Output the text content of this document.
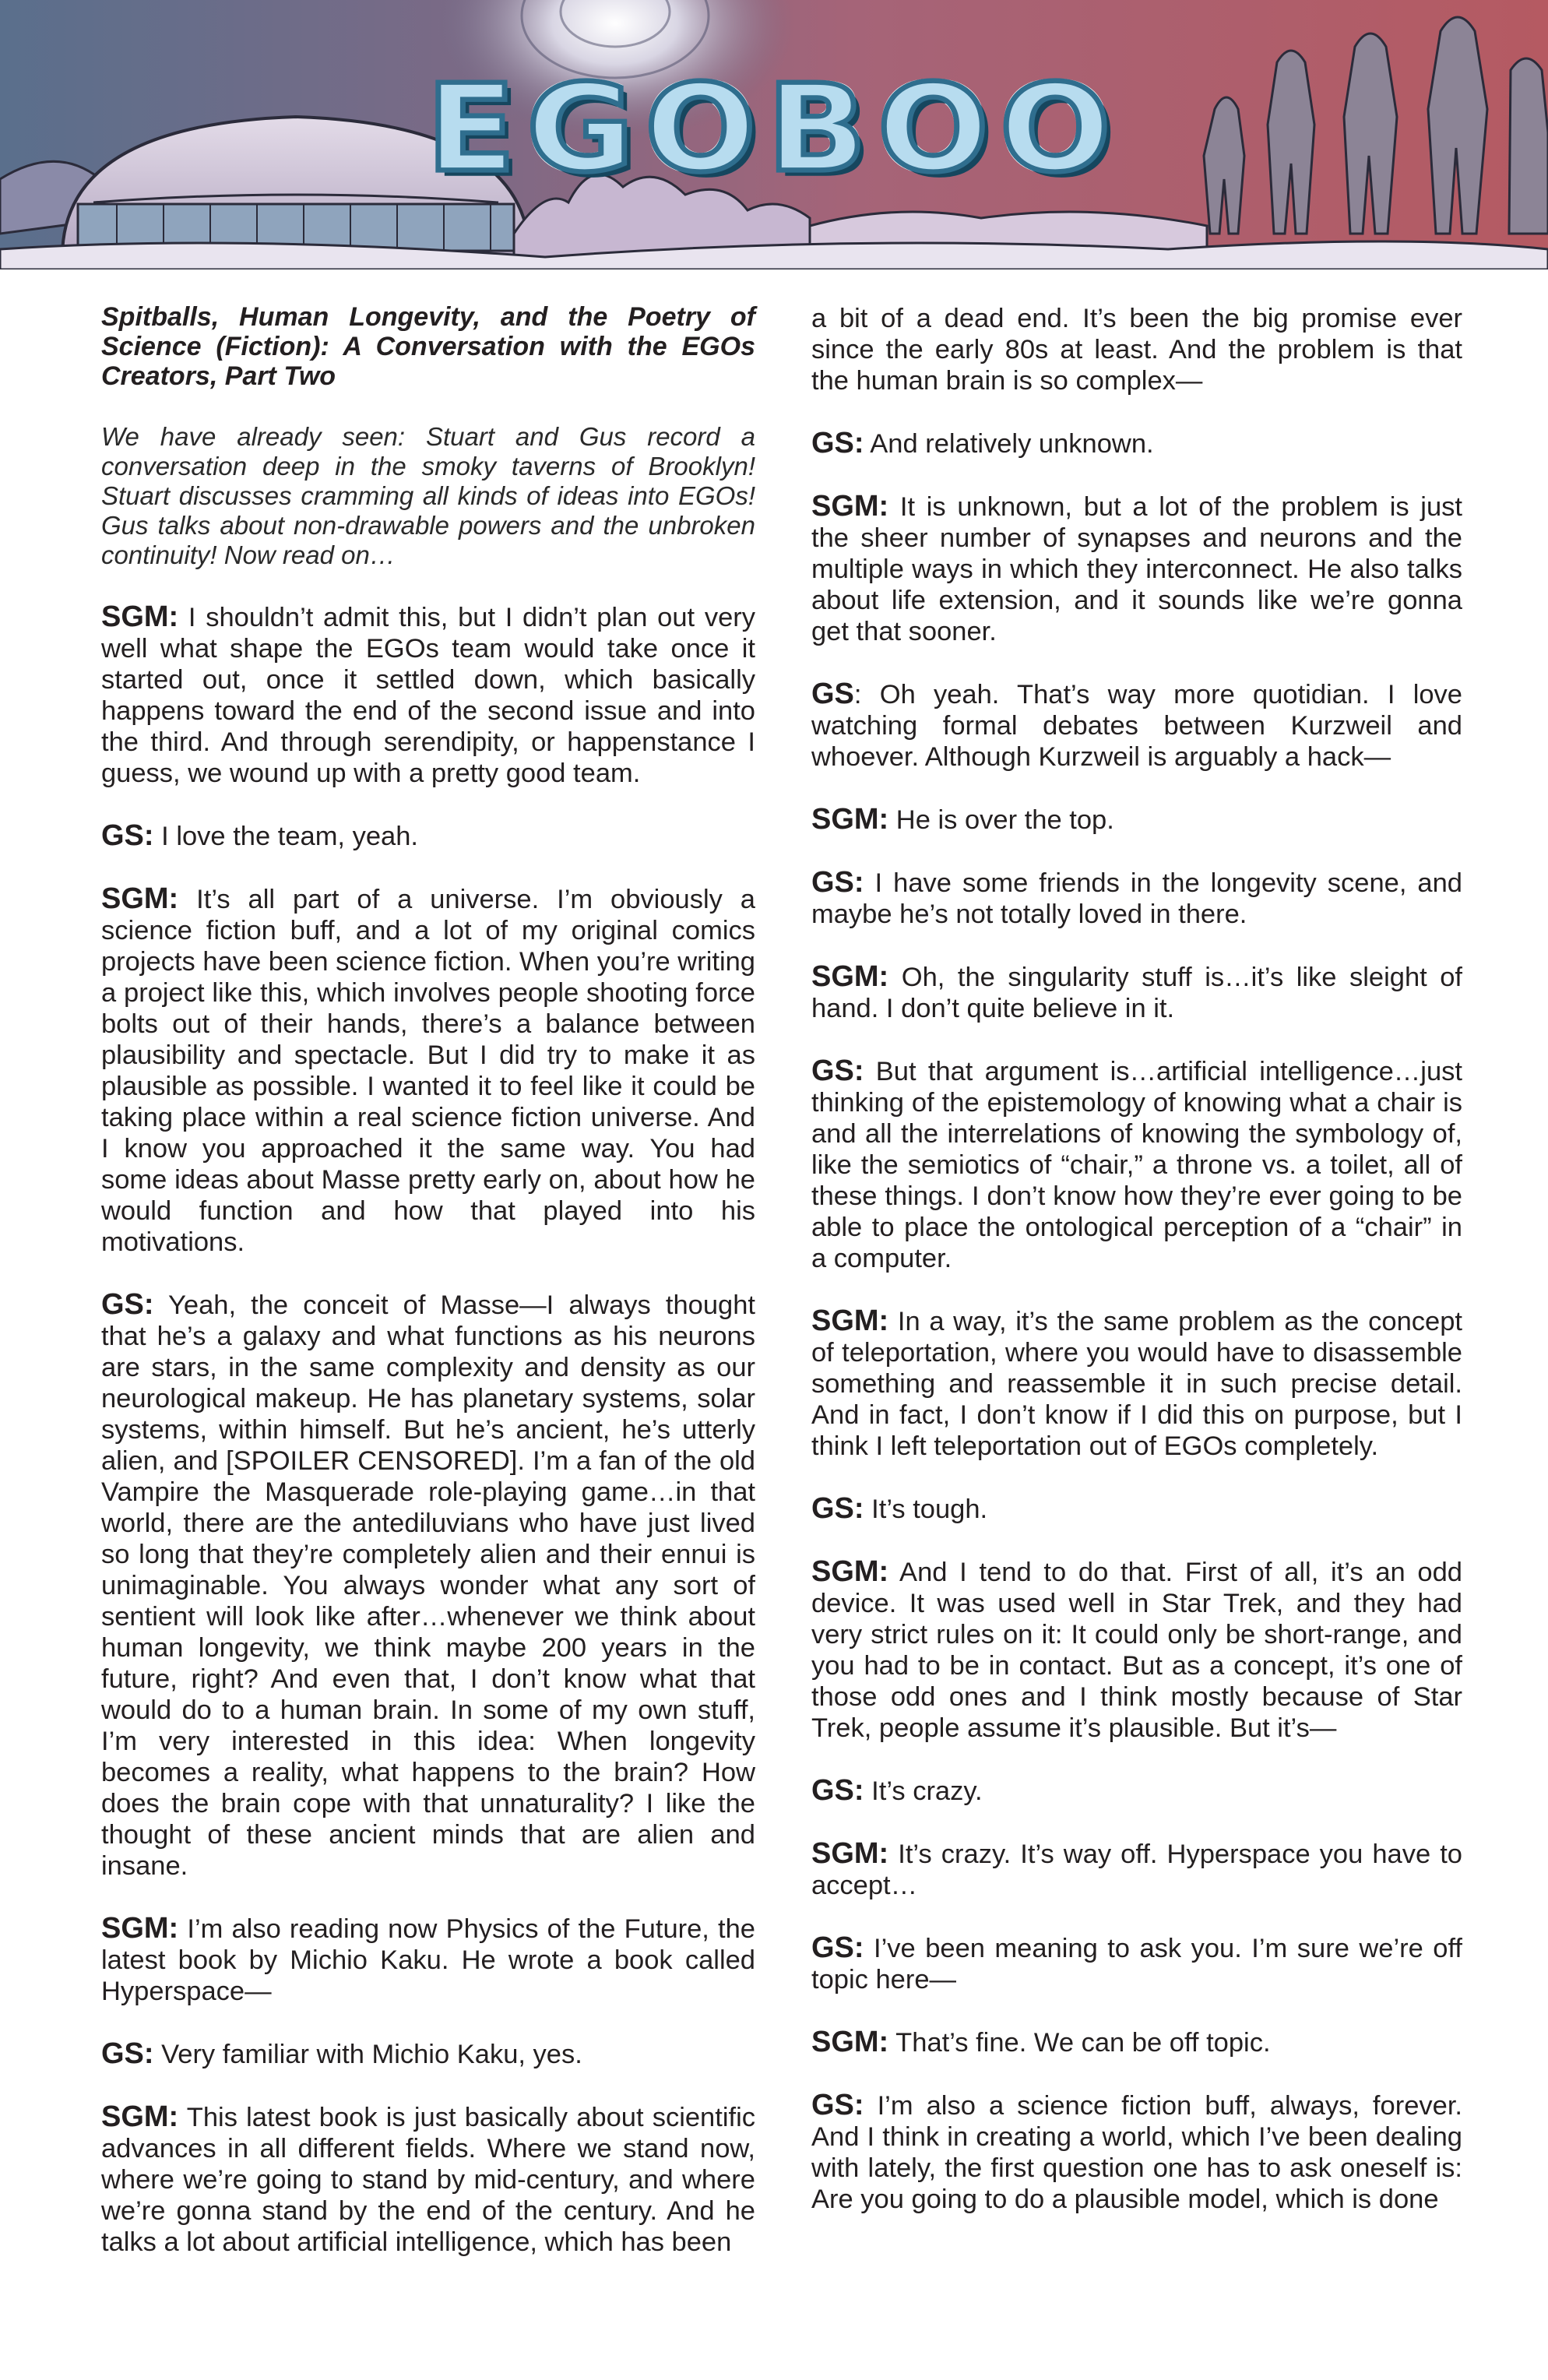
EGOBOO

Spitballs, Human Longevity, and the Poetry of Science (Fiction): A Conversation with the EGOs Creators, Part Two

We have already seen: Stuart and Gus record a conversation deep in the smoky taverns of Brooklyn! Stuart discusses cramming all kinds of ideas into EGOs! Gus talks about non-drawable powers and the unbroken continuity! Now read on…

SGM: I shouldn’t admit this, but I didn’t plan out very well what shape the EGOs team would take once it started out, once it settled down, which basically happens toward the end of the second issue and into the third. And through serendipity, or happenstance I guess, we wound up with a pretty good team.

GS: I love the team, yeah.

SGM: It’s all part of a universe. I’m obviously a science fiction buff, and a lot of my original comics projects have been science fiction. When you’re writing a project like this, which involves people shooting force bolts out of their hands, there’s a balance between plausibility and spectacle. But I did try to make it as plausible as possible. I wanted it to feel like it could be taking place within a real science fiction universe. And I know you approached it the same way. You had some ideas about Masse pretty early on, about how he would function and how that played into his motivations.

GS: Yeah, the conceit of Masse—I always thought that he’s a galaxy and what functions as his neurons are stars, in the same complexity and density as our neurological makeup. He has planetary systems, solar systems, within himself. But he’s ancient, he’s utterly alien, and [SPOILER CENSORED]. I’m a fan of the old Vampire the Masquerade role-playing game…in that world, there are the antediluvians who have just lived so long that they’re completely alien and their ennui is unimaginable. You always wonder what any sort of sentient will look like after…whenever we think about human longevity, we think maybe 200 years in the future, right? And even that, I don’t know what that would do to a human brain. In some of my own stuff, I’m very interested in this idea: When longevity becomes a reality, what happens to the brain? How does the brain cope with that unnaturality? I like the thought of these ancient minds that are alien and insane.

SGM: I’m also reading now Physics of the Future, the latest book by Michio Kaku. He wrote a book called Hyperspace—

GS: Very familiar with Michio Kaku, yes.

SGM: This latest book is just basically about scientific advances in all different fields. Where we stand now, where we’re going to stand by mid-century, and where we’re gonna stand by the end of the century. And he talks a lot about artificial intelligence, which has been

a bit of a dead end. It’s been the big promise ever since the early 80s at least. And the problem is that the human brain is so complex—

GS: And relatively unknown.

SGM: It is unknown, but a lot of the problem is just the sheer number of synapses and neurons and the multiple ways in which they interconnect. He also talks about life extension, and it sounds like we’re gonna get that sooner.

GS: Oh yeah. That’s way more quotidian. I love watching formal debates between Kurzweil and whoever. Although Kurzweil is arguably a hack—

SGM: He is over the top.

GS: I have some friends in the longevity scene, and maybe he’s not totally loved in there.

SGM: Oh, the singularity stuff is…it’s like sleight of hand. I don’t quite believe in it.

GS: But that argument is…artificial intelligence…just thinking of the epistemology of knowing what a chair is and all the interrelations of knowing the symbology of, like the semiotics of “chair,” a throne vs. a toilet, all of these things. I don’t know how they’re ever going to be able to place the ontological perception of a “chair” in a computer.

SGM: In a way, it’s the same problem as the concept of teleportation, where you would have to disassemble something and reassemble it in such precise detail. And in fact, I don’t know if I did this on purpose, but I think I left teleportation out of EGOs completely.

GS: It’s tough.

SGM: And I tend to do that. First of all, it’s an odd device. It was used well in Star Trek, and they had very strict rules on it: It could only be short-range, and you had to be in contact. But as a concept, it’s one of those odd ones and I think mostly because of Star Trek, people assume it’s plausible. But it’s—

GS: It’s crazy.

SGM: It’s crazy. It’s way off. Hyperspace you have to accept…

GS: I’ve been meaning to ask you. I’m sure we’re off topic here—

SGM: That’s fine. We can be off topic.

GS: I’m also a science fiction buff, always, forever. And I think in creating a world, which I’ve been dealing with lately, the first question one has to ask oneself is: Are you going to do a plausible model, which is done
